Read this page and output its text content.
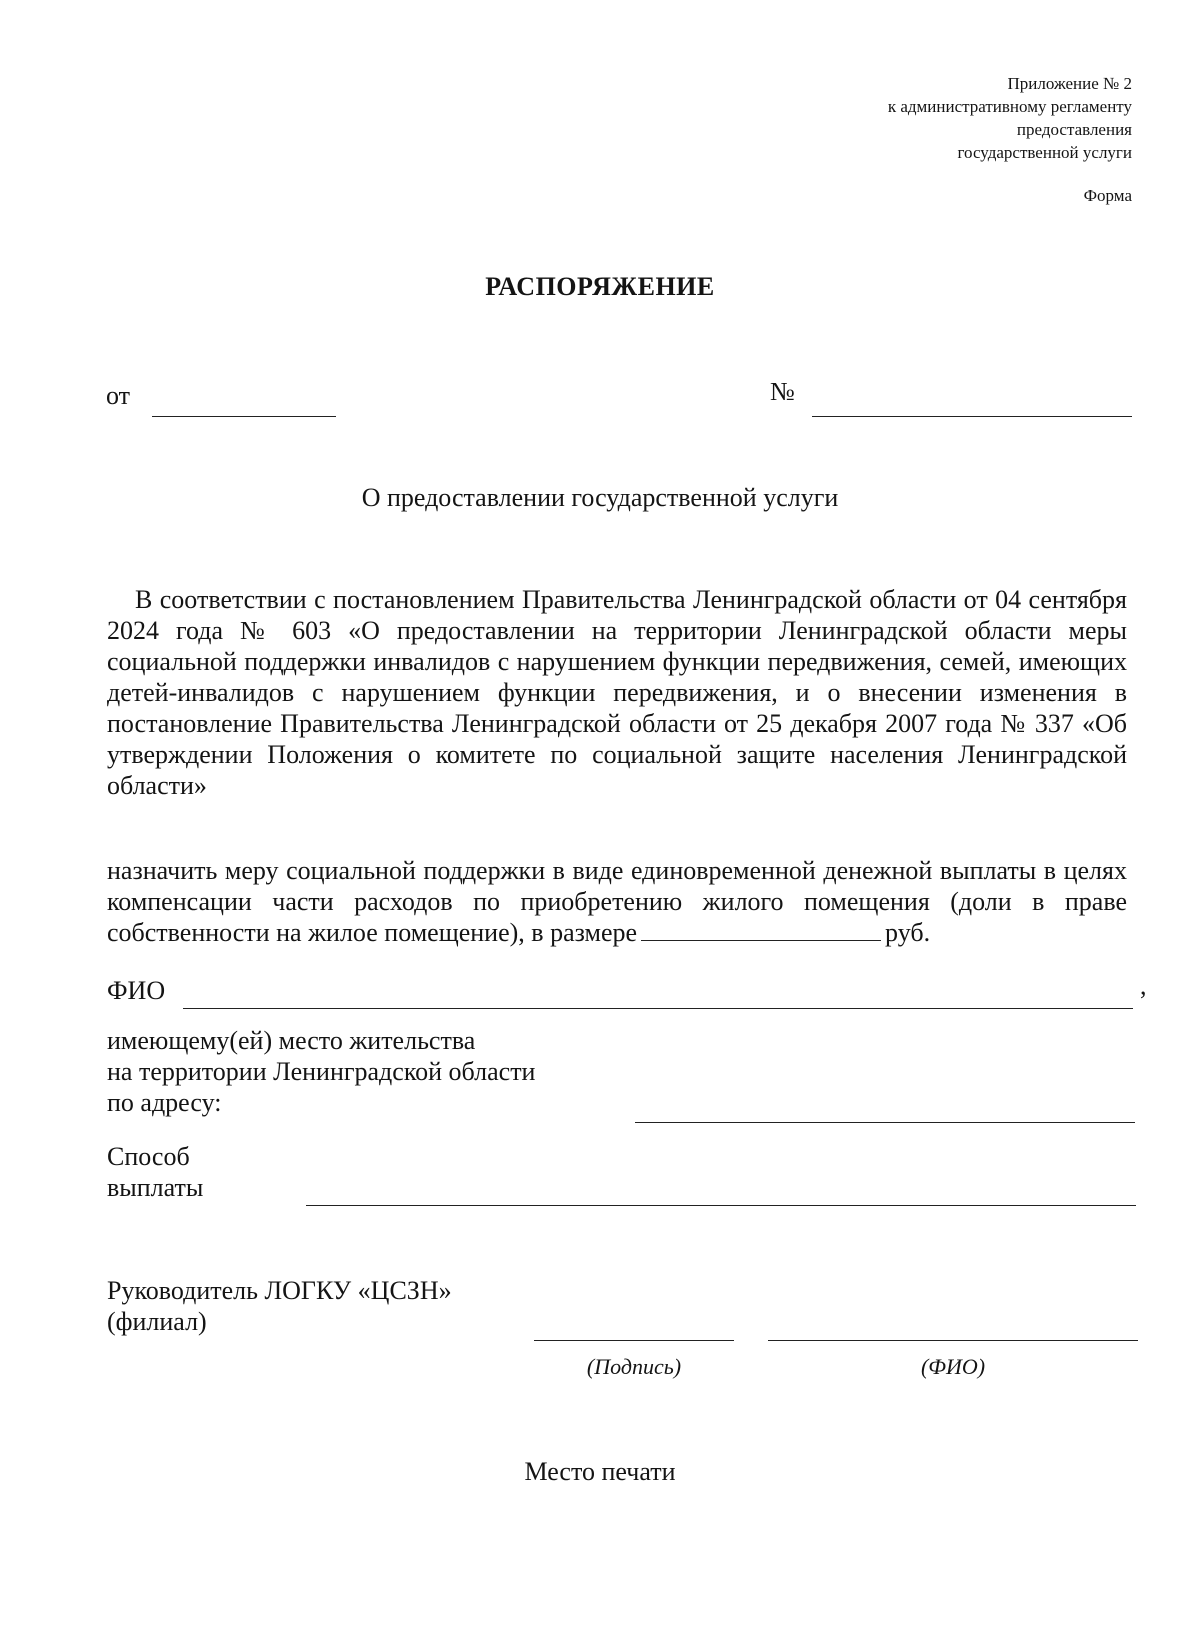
Приложение № 2
к административному регламенту
предоставления
государственной услуги
Форма
РАСПОРЯЖЕНИЕ
от	№
О предоставлении государственной услуги
В соответствии с постановлением Правительства Ленинградской области от 04 сентября 2024 года № 603 «О предоставлении на территории Ленинградской области меры социальной поддержки инвалидов с нарушением функции передвижения, семей, имеющих детей-инвалидов с нарушением функции передвижения, и о внесении изменения в постановление Правительства Ленинградской области от 25 декабря 2007 года № 337 «Об утверждении Положения о комитете по социальной защите населения Ленинградской области»
назначить меру социальной поддержки в виде единовременной денежной выплаты в целях компенсации части расходов по приобретению жилого помещения (доли в праве собственности на жилое помещение), в размере	руб.
ФИО	,
имеющему(ей) место жительства
на территории Ленинградской области
по адресу:
Способ
выплаты
Руководитель ЛОГКУ «ЦСЗН»
(филиал)
(Подпись)	(ФИО)
Место печати
